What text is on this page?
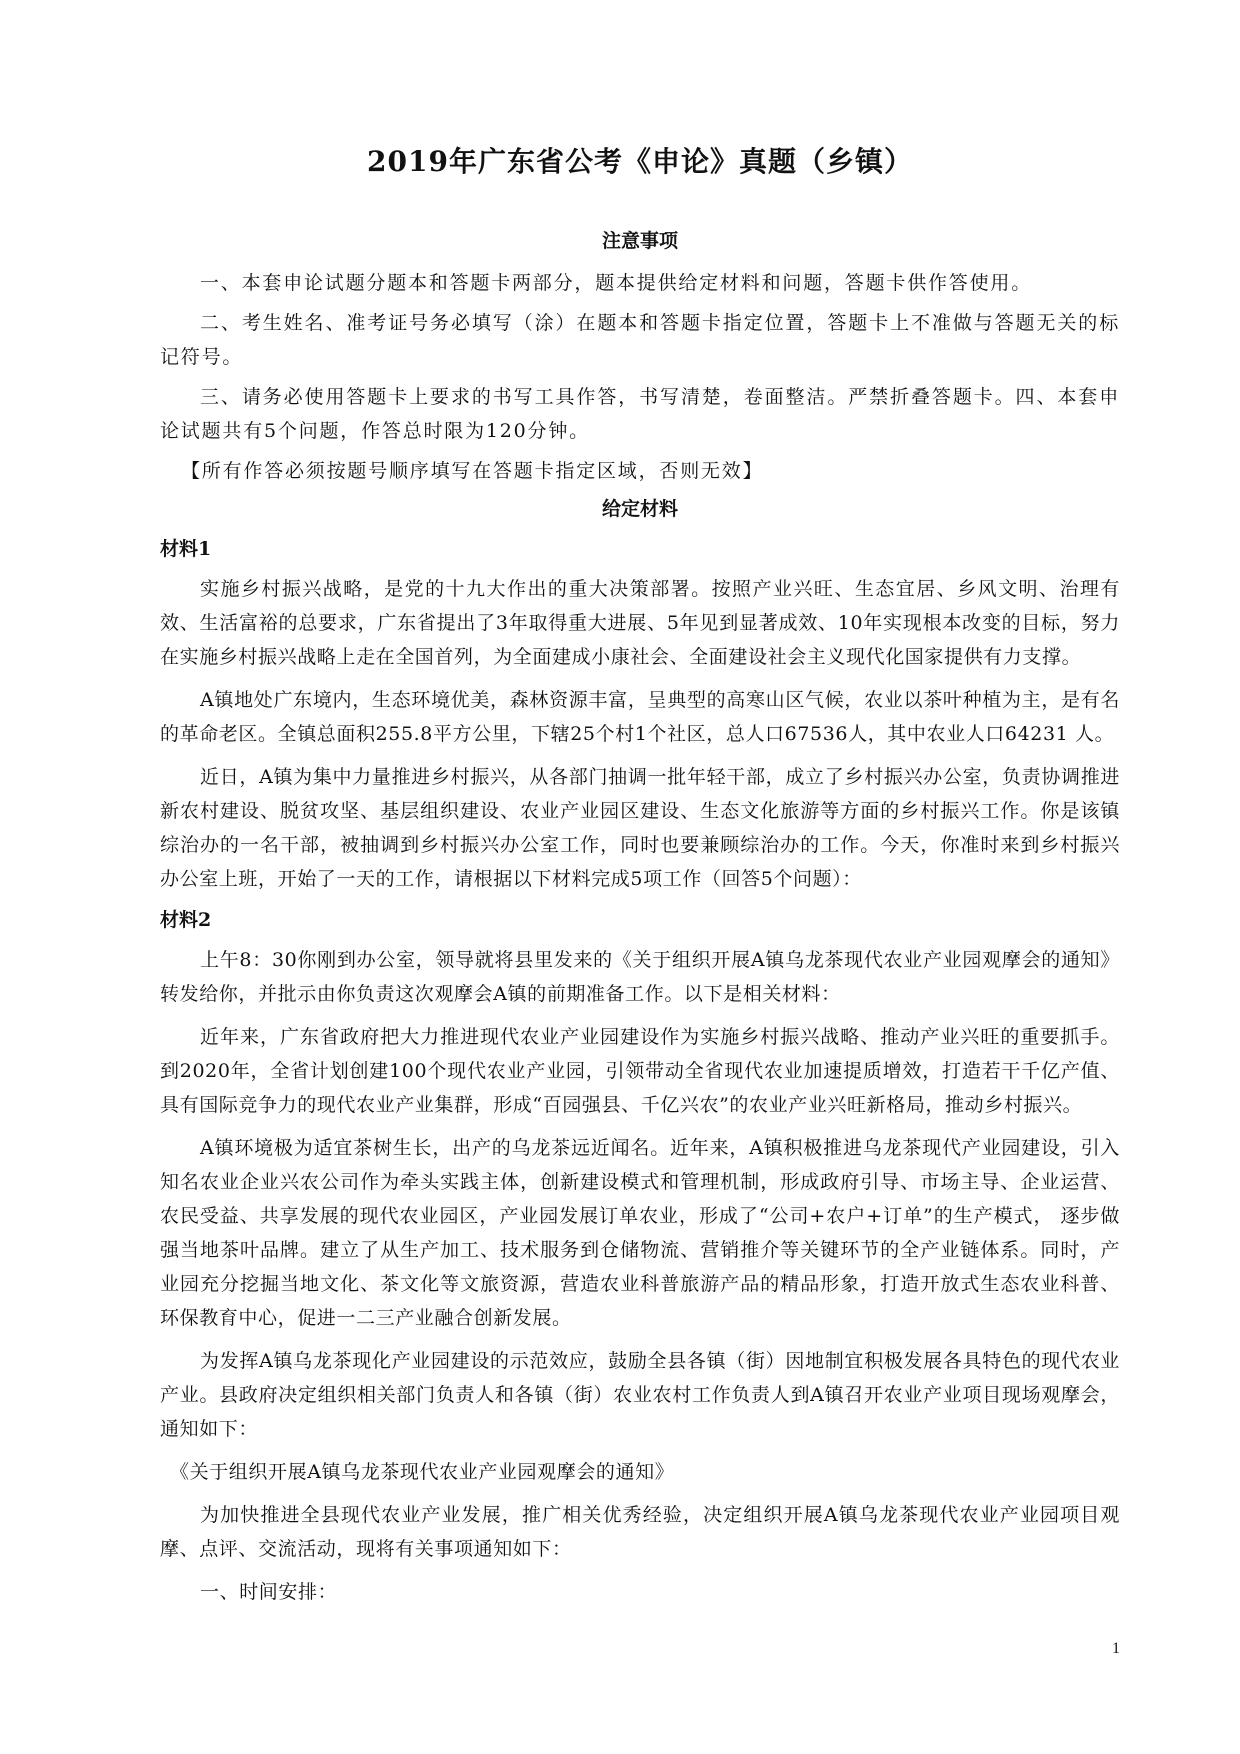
2019年广东省公考《申论》真题（乡镇）
注意事项

一、本套申论试题分题本和答题卡两部分，题本提供给定材料和问题，答题卡供作答使用。

二、考生姓名、准考证号务必填写（涂）在题本和答题卡指定位置，答题卡上不准做与答题无关的标记符号。

三、请务必使用答题卡上要求的书写工具作答，书写清楚，卷面整洁。严禁折叠答题卡。四、本套申论试题共有5个问题，作答总时限为120分钟。

【所有作答必须按题号顺序填写在答题卡指定区域，否则无效】

给定材料
材料1

实施乡村振兴战略，是党的十九大作出的重大决策部署。按照产业兴旺、生态宜居、乡风文明、治理有效、生活富裕的总要求，广东省提出了3年取得重大进展、5年见到显著成效、10年实现根本改变的目标，努力在实施乡村振兴战略上走在全国首列，为全面建成小康社会、全面建设社会主义现代化国家提供有力支撑。

A镇地处广东境内，生态环境优美，森林资源丰富，呈典型的高寒山区气候，农业以茶叶种植为主，是有名的革命老区。全镇总面积255.8平方公里，下辖25个村1个社区，总人口67536人，其中农业人口64231 人。

近日，A镇为集中力量推进乡村振兴，从各部门抽调一批年轻干部，成立了乡村振兴办公室，负责协调推进新农村建设、脱贫攻坚、基层组织建设、农业产业园区建设、生态文化旅游等方面的乡村振兴工作。你是该镇综治办的一名干部，被抽调到乡村振兴办公室工作，同时也要兼顾综治办的工作。今天，你准时来到乡村振兴办公室上班，开始了一天的工作，请根据以下材料完成5项工作（回答5个问题）：

材料2

上午8：30你刚到办公室，领导就将县里发来的《关于组织开展A镇乌龙茶现代农业产业园观摩会的通知》转发给你，并批示由你负责这次观摩会A镇的前期准备工作。以下是相关材料：

近年来，广东省政府把大力推进现代农业产业园建设作为实施乡村振兴战略、推动产业兴旺的重要抓手。到2020年，全省计划创建100个现代农业产业园，引领带动全省现代农业加速提质增效，打造若干千亿产值、具有国际竞争力的现代农业产业集群，形成“百园强县、千亿兴农”的农业产业兴旺新格局，推动乡村振兴。

A镇环境极为适宜茶树生长，出产的乌龙茶远近闻名。近年来，A镇积极推进乌龙茶现代产业园建设，引入知名农业企业兴农公司作为牵头实践主体，创新建设模式和管理机制，形成政府引导、市场主导、企业运营、农民受益、共享发展的现代农业园区，产业园发展订单农业，形成了“公司+农户+订单”的生产模式， 逐步做强当地茶叶品牌。建立了从生产加工、技术服务到仓储物流、营销推介等关键环节的全产业链体系。同时，产业园充分挖掘当地文化、茶文化等文旅资源，营造农业科普旅游产品的精品形象，打造开放式生态农业科普、环保教育中心，促进一二三产业融合创新发展。

为发挥A镇乌龙茶现化产业园建设的示范效应，鼓励全县各镇（街）因地制宜积极发展各具特色的现代农业产业。县政府决定组织相关部门负责人和各镇（街）农业农村工作负责人到A镇召开农业产业项目现场观摩会，通知如下：

《关于组织开展A镇乌龙茶现代农业产业园观摩会的通知》

为加快推进全县现代农业产业发展，推广相关优秀经验，决定组织开展A镇乌龙茶现代农业产业园项目观摩、点评、交流活动，现将有关事项通知如下：

一、时间安排：

1
